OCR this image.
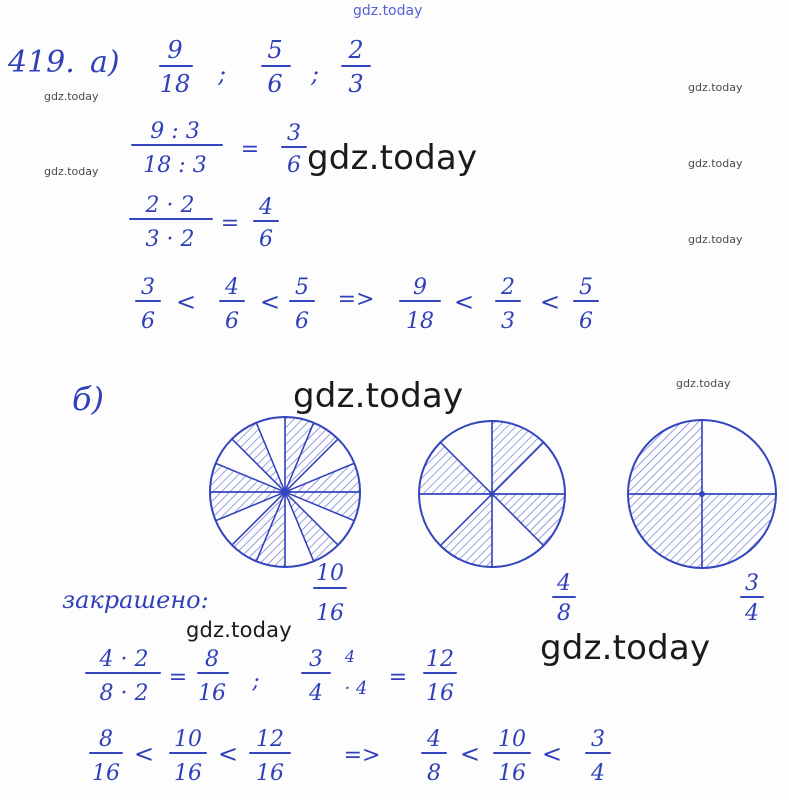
gdz.today
gdz.today
gdz.today
gdz.today
gdz.today
gdz.today
gdz.today
419. а) 9
18 ;
5
6 ;
2
3
9 : 3
18 : 3
=
3
6
2 · 2
3 · 2
=
4
6
3
6
<
4
6
<
5
6
=> 9
18
<
2
3
<
5
6
б)
закрашено:
10
16
4
8
3
4
4 · 2
8 · 2
=
8
16 ;
3
4
4
· 4 =
12
16
8
16
<
10
16
<
12
16
=>
4
8
<
10
16
<
3
4
gdz.today
gdz.today
gdz.today
gdz.today
